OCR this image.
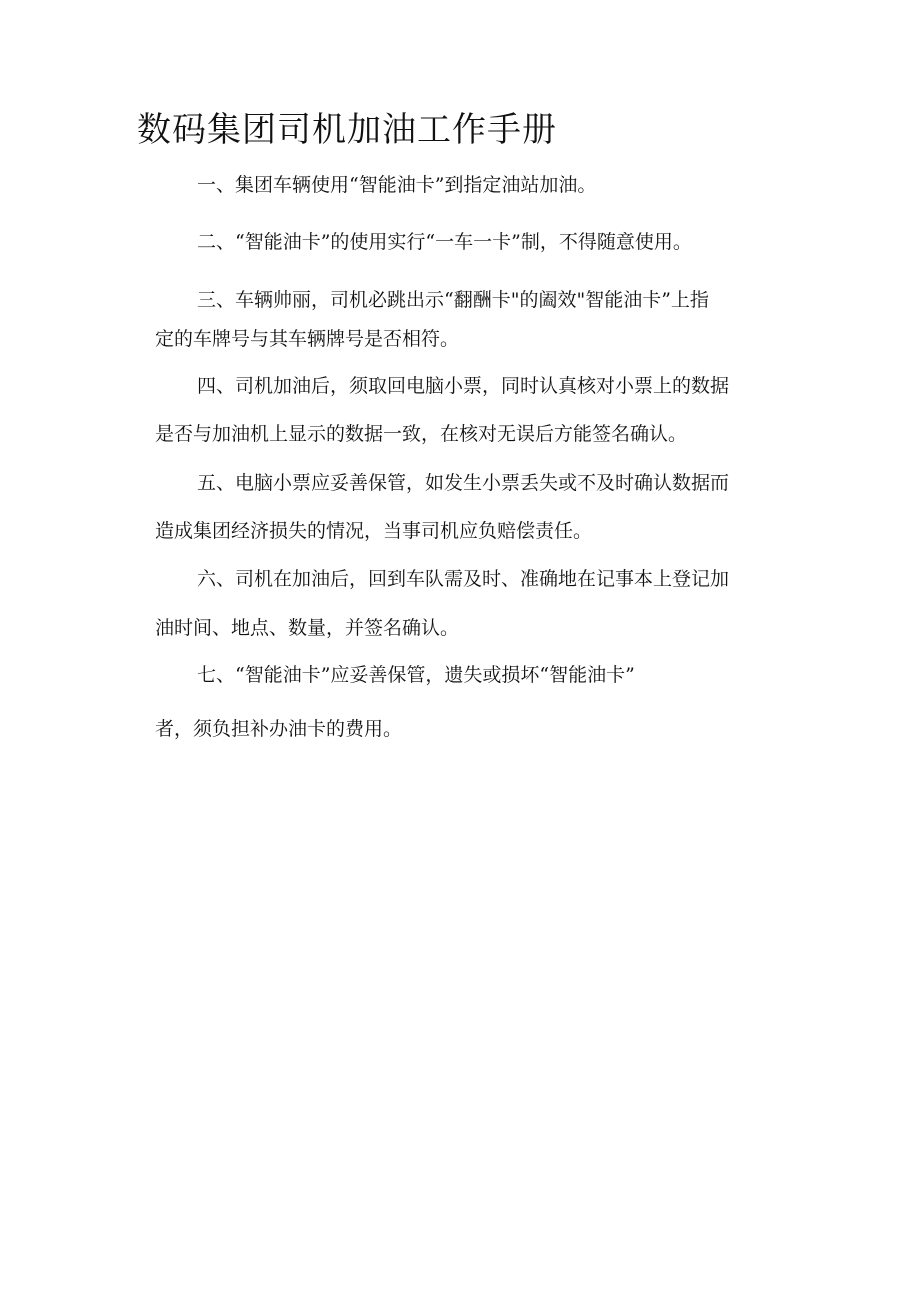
数码集团司机加油工作手册

一、集团车辆使用“智能油卡”到指定油站加油。

二、“智能油卡”的使用实行“一车一卡”制，不得随意使用。

三、车辆帅丽，司机必跳出示“翻酬卡"的阖效"智能油卡”上指

定的车牌号与其车辆牌号是否相符。

四、司机加油后，须取回电脑小票，同时认真核对小票上的数据

是否与加油机上显示的数据一致，在核对无误后方能签名确认。

五、电脑小票应妥善保管，如发生小票丢失或不及时确认数据而

造成集团经济损失的情况，当事司机应负赔偿责任。

六、司机在加油后，回到车队需及时、准确地在记事本上登记加

油时间、地点、数量，并签名确认。

七、“智能油卡”应妥善保管，遗失或损坏“智能油卡”

者，须负担补办油卡的费用。
